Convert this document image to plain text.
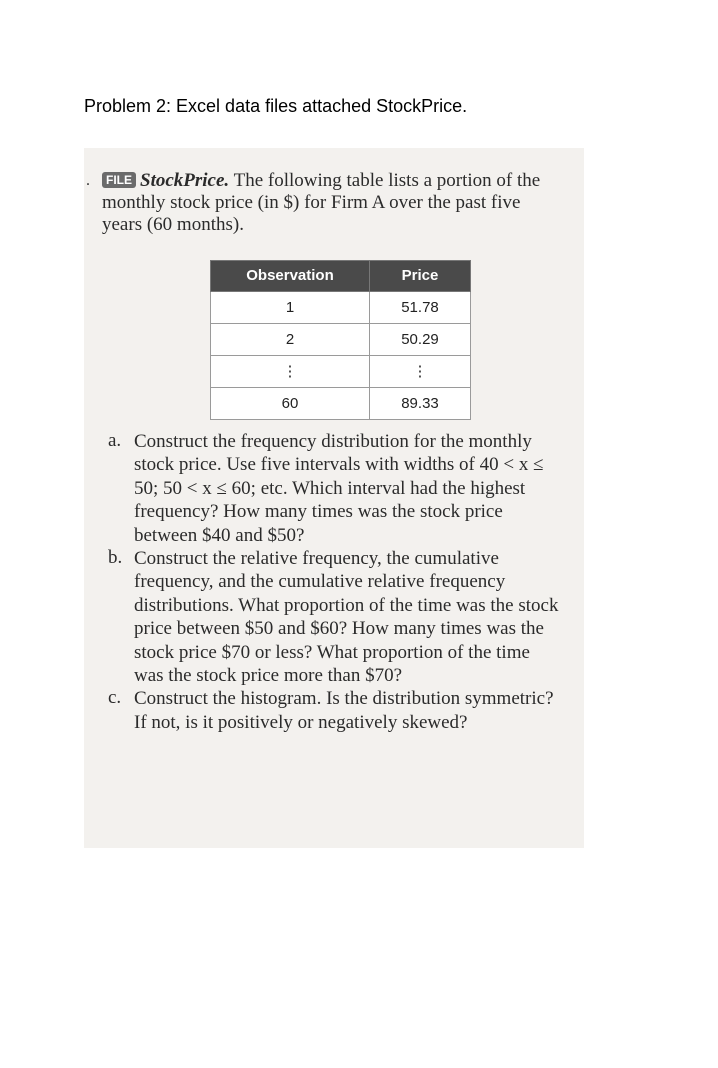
Problem 2: Excel data files attached StockPrice.
.	FILE StockPrice. The following table lists a portion of the monthly stock price (in $) for Firm A over the past five years (60 months).
Observation	Price
1	51.78
2	50.29
⋮	⋮
60	89.33
a. Construct the frequency distribution for the monthly stock price. Use five intervals with widths of 40 < x ≤ 50; 50 < x ≤ 60; etc. Which interval had the highest frequency? How many times was the stock price between $40 and $50?
b. Construct the relative frequency, the cumulative frequency, and the cumulative relative frequency distributions. What proportion of the time was the stock price between $50 and $60? How many times was the stock price $70 or less? What proportion of the time was the stock price more than $70?
c. Construct the histogram. Is the distribution symmetric? If not, is it positively or negatively skewed?
